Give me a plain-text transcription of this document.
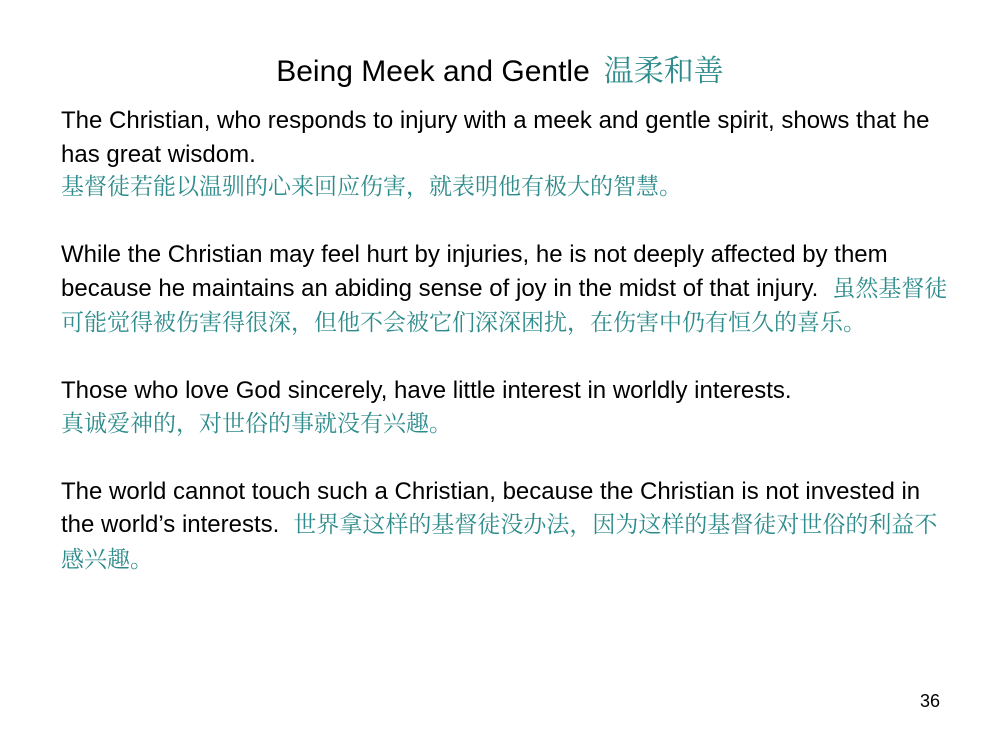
Being Meek and Gentle 温柔和善

The Christian, who responds to injury with a meek and gentle spirit, shows that he has great wisdom.
基督徒若能以温驯的心来回应伤害，就表明他有极大的智慧。

While the Christian may feel hurt by injuries, he is not deeply affected by them because he maintains an abiding sense of joy in the midst of that injury. 虽然基督徒可能觉得被伤害得很深，但他不会被它们深深困扰，在伤害中仍有恒久的喜乐。

Those who love God sincerely, have little interest in worldly interests.
真诚爱神的，对世俗的事就没有兴趣。

The world cannot touch such a Christian, because the Christian is not invested in the world’s interests. 世界拿这样的基督徒没办法，因为这样的基督徒对世俗的利益不感兴趣。

36
